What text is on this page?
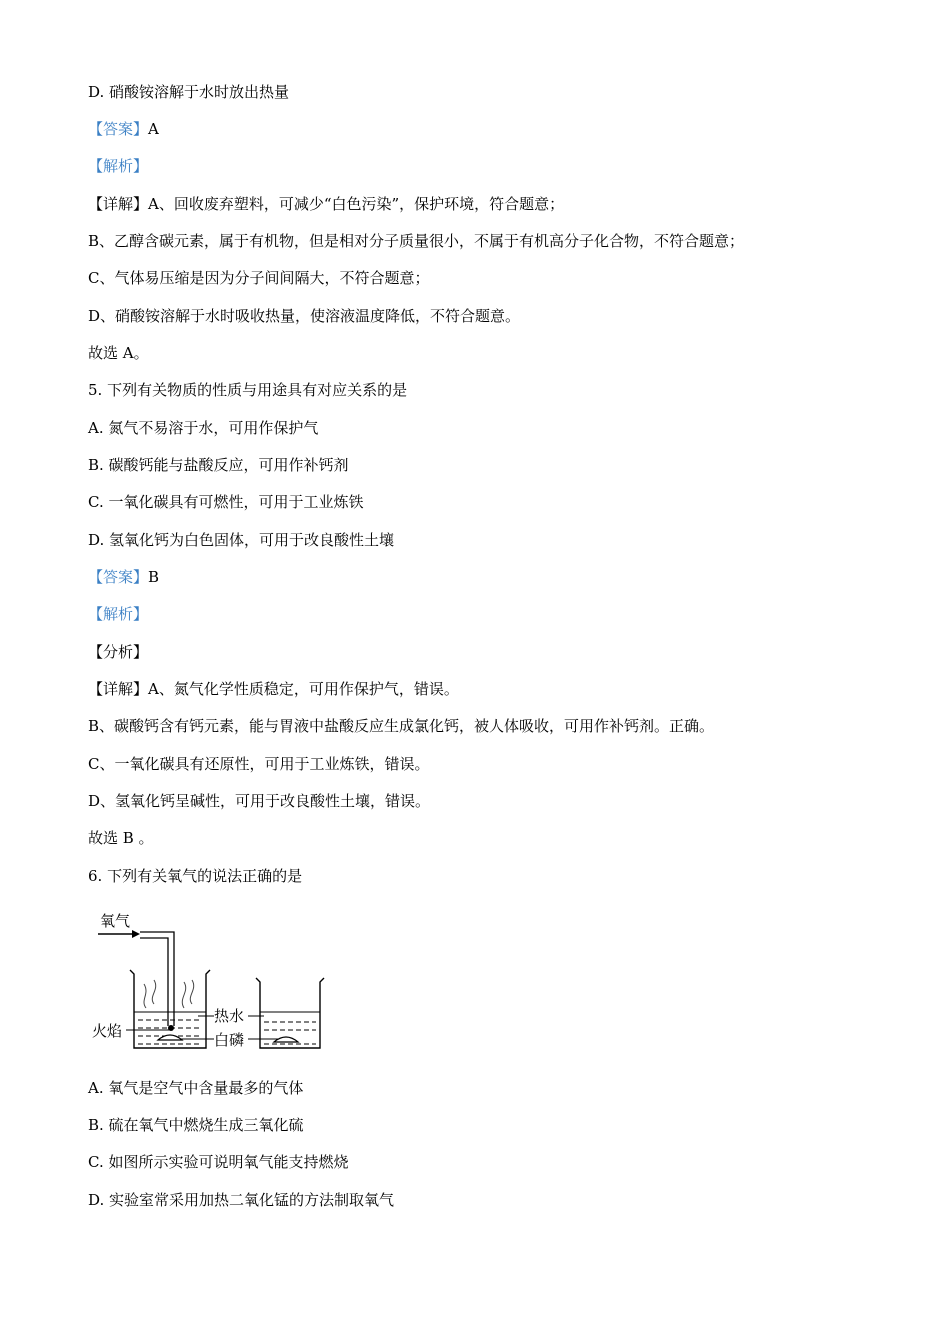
D. 硝酸铵溶解于水时放出热量
【答案】A
【解析】
【详解】A、回收废弃塑料，可减少“白色污染”，保护环境，符合题意；
B、乙醇含碳元素，属于有机物，但是相对分子质量很小，不属于有机高分子化合物，不符合题意；
C、气体易压缩是因为分子间间隔大，不符合题意；
D、硝酸铵溶解于水时吸收热量，使溶液温度降低，不符合题意。
故选 A。
5. 下列有关物质的性质与用途具有对应关系的是
A. 氮气不易溶于水，可用作保护气
B. 碳酸钙能与盐酸反应，可用作补钙剂
C. 一氧化碳具有可燃性，可用于工业炼铁
D. 氢氧化钙为白色固体，可用于改良酸性土壤
【答案】B
【解析】
【分析】
【详解】A、氮气化学性质稳定，可用作保护气，错误。
B、碳酸钙含有钙元素，能与胃液中盐酸反应生成氯化钙，被人体吸收，可用作补钙剂。正确。
C、一氧化碳具有还原性，可用于工业炼铁，错误。
D、氢氧化钙呈碱性，可用于改良酸性土壤，错误。
故选 B 。
6. 下列有关氧气的说法正确的是
氧气
火焰
热水
白磷
A. 氧气是空气中含量最多的气体
B. 硫在氧气中燃烧生成三氧化硫
C. 如图所示实验可说明氧气能支持燃烧
D. 实验室常采用加热二氧化锰的方法制取氧气
